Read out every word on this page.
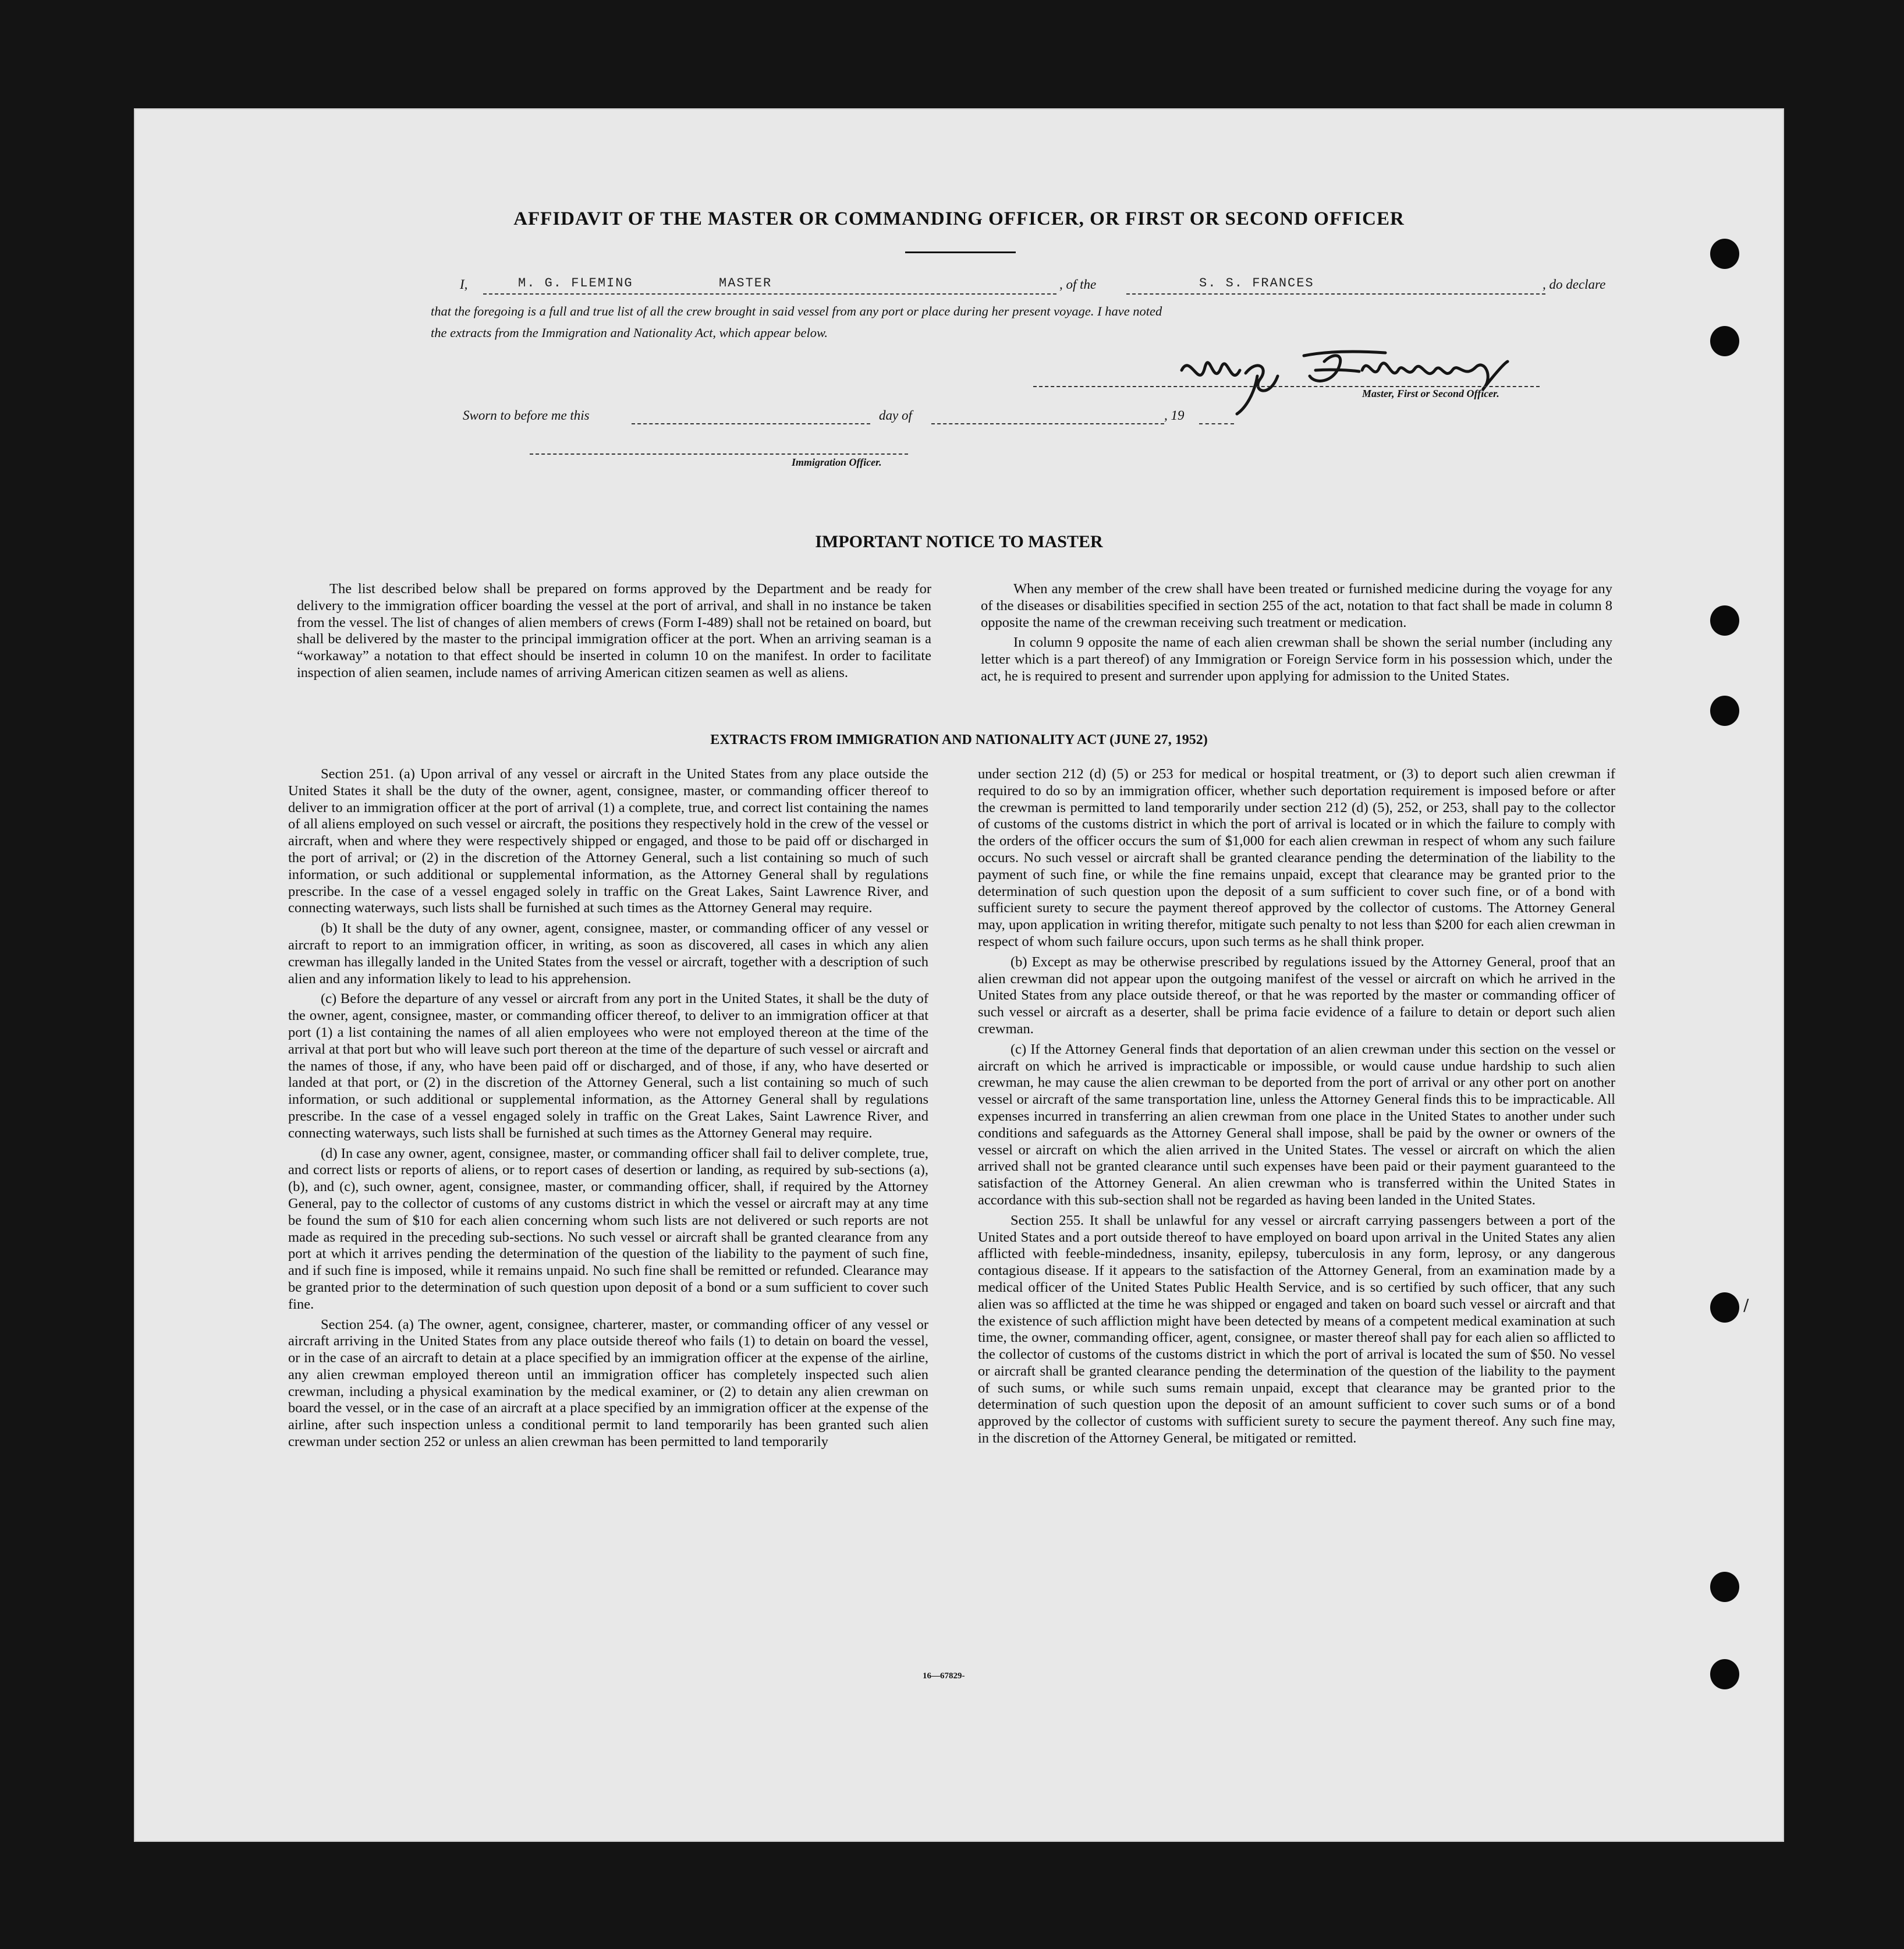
AFFIDAVIT OF THE MASTER OR COMMANDING OFFICER, OR FIRST OR SECOND OFFICER
I,	M. G. FLEMING	MASTER	, of the	S. S. FRANCES	, do declare
that the foregoing is a full and true list of all the crew brought in said vessel from any port or place during her present voyage. I have noted
the extracts from the Immigration and Nationality Act, which appear below.
Master, First or Second Officer.
Sworn to before me this	day of	, 19
Immigration Officer.
IMPORTANT NOTICE TO MASTER

The list described below shall be prepared on forms approved by the Department and be ready for delivery to the immigration officer boarding the vessel at the port of arrival, and shall in no instance be taken from the vessel. The list of changes of alien members of crews (Form I-489) shall not be retained on board, but shall be delivered by the master to the principal immigration officer at the port. When an arriving seaman is a “workaway” a notation to that effect should be inserted in column 10 on the manifest. In order to facilitate inspection of alien seamen, include names of arriving American citizen seamen as well as aliens.

When any member of the crew shall have been treated or furnished medicine during the voyage for any of the diseases or disabilities specified in section 255 of the act, notation to that fact shall be made in column 8 opposite the name of the crewman receiving such treatment or medication.

In column 9 opposite the name of each alien crewman shall be shown the serial number (including any letter which is a part thereof) of any Immigration or Foreign Service form in his possession which, under the act, he is required to present and surrender upon applying for admission to the United States.

EXTRACTS FROM IMMIGRATION AND NATIONALITY ACT (JUNE 27, 1952)

Section 251. (a) Upon arrival of any vessel or aircraft in the United States from any place outside the United States it shall be the duty of the owner, agent, consignee, master, or commanding officer thereof to deliver to an immigration officer at the port of arrival (1) a complete, true, and correct list containing the names of all aliens employed on such vessel or aircraft, the positions they respectively hold in the crew of the vessel or aircraft, when and where they were respectively shipped or engaged, and those to be paid off or discharged in the port of arrival; or (2) in the discretion of the Attorney General, such a list containing so much of such information, or such additional or supplemental information, as the Attorney General shall by regulations prescribe. In the case of a vessel engaged solely in traffic on the Great Lakes, Saint Lawrence River, and connecting waterways, such lists shall be furnished at such times as the Attorney General may require.

(b) It shall be the duty of any owner, agent, consignee, master, or commanding officer of any vessel or aircraft to report to an immigration officer, in writing, as soon as discovered, all cases in which any alien crewman has illegally landed in the United States from the vessel or aircraft, together with a description of such alien and any information likely to lead to his apprehension.

(c) Before the departure of any vessel or aircraft from any port in the United States, it shall be the duty of the owner, agent, consignee, master, or commanding officer thereof, to deliver to an immigration officer at that port (1) a list containing the names of all alien employees who were not employed thereon at the time of the arrival at that port but who will leave such port thereon at the time of the departure of such vessel or aircraft and the names of those, if any, who have been paid off or discharged, and of those, if any, who have deserted or landed at that port, or (2) in the discretion of the Attorney General, such a list containing so much of such information, or such additional or supplemental information, as the Attorney General shall by regulations prescribe. In the case of a vessel engaged solely in traffic on the Great Lakes, Saint Lawrence River, and connecting waterways, such lists shall be furnished at such times as the Attorney General may require.

(d) In case any owner, agent, consignee, master, or commanding officer shall fail to deliver complete, true, and correct lists or reports of aliens, or to report cases of desertion or landing, as required by sub-sections (a), (b), and (c), such owner, agent, consignee, master, or commanding officer, shall, if required by the Attorney General, pay to the collector of customs of any customs district in which the vessel or aircraft may at any time be found the sum of $10 for each alien concerning whom such lists are not delivered or such reports are not made as required in the preceding sub-sections. No such vessel or aircraft shall be granted clearance from any port at which it arrives pending the determination of the question of the liability to the payment of such fine, and if such fine is imposed, while it remains unpaid. No such fine shall be remitted or refunded. Clearance may be granted prior to the determination of such question upon deposit of a bond or a sum sufficient to cover such fine.

Section 254. (a) The owner, agent, consignee, charterer, master, or commanding officer of any vessel or aircraft arriving in the United States from any place outside thereof who fails (1) to detain on board the vessel, or in the case of an aircraft to detain at a place specified by an immigration officer at the expense of the airline, any alien crewman employed thereon until an immigration officer has completely inspected such alien crewman, including a physical examination by the medical examiner, or (2) to detain any alien crewman on board the vessel, or in the case of an aircraft at a place specified by an immigration officer at the expense of the airline, after such inspection unless a conditional permit to land temporarily has been granted such alien crewman under section 252 or unless an alien crewman has been permitted to land temporarily

under section 212 (d) (5) or 253 for medical or hospital treatment, or (3) to deport such alien crewman if required to do so by an immigration officer, whether such deportation requirement is imposed before or after the crewman is permitted to land temporarily under section 212 (d) (5), 252, or 253, shall pay to the collector of customs of the customs district in which the port of arrival is located or in which the failure to comply with the orders of the officer occurs the sum of $1,000 for each alien crewman in respect of whom any such failure occurs. No such vessel or aircraft shall be granted clearance pending the determination of the liability to the payment of such fine, or while the fine remains unpaid, except that clearance may be granted prior to the determination of such question upon the deposit of a sum sufficient to cover such fine, or of a bond with sufficient surety to secure the payment thereof approved by the collector of customs. The Attorney General may, upon application in writing therefor, mitigate such penalty to not less than $200 for each alien crewman in respect of whom such failure occurs, upon such terms as he shall think proper.

(b) Except as may be otherwise prescribed by regulations issued by the Attorney General, proof that an alien crewman did not appear upon the outgoing manifest of the vessel or aircraft on which he arrived in the United States from any place outside thereof, or that he was reported by the master or commanding officer of such vessel or aircraft as a deserter, shall be prima facie evidence of a failure to detain or deport such alien crewman.

(c) If the Attorney General finds that deportation of an alien crewman under this section on the vessel or aircraft on which he arrived is impracticable or impossible, or would cause undue hardship to such alien crewman, he may cause the alien crewman to be deported from the port of arrival or any other port on another vessel or aircraft of the same transportation line, unless the Attorney General finds this to be impracticable. All expenses incurred in transferring an alien crewman from one place in the United States to another under such conditions and safeguards as the Attorney General shall impose, shall be paid by the owner or owners of the vessel or aircraft on which the alien arrived in the United States. The vessel or aircraft on which the alien arrived shall not be granted clearance until such expenses have been paid or their payment guaranteed to the satisfaction of the Attorney General. An alien crewman who is transferred within the United States in accordance with this sub-section shall not be regarded as having been landed in the United States.

Section 255. It shall be unlawful for any vessel or aircraft carrying passengers between a port of the United States and a port outside thereof to have employed on board upon arrival in the United States any alien afflicted with feeble-mindedness, insanity, epilepsy, tuberculosis in any form, leprosy, or any dangerous contagious disease. If it appears to the satisfaction of the Attorney General, from an examination made by a medical officer of the United States Public Health Service, and is so certified by such officer, that any such alien was so afflicted at the time he was shipped or engaged and taken on board such vessel or aircraft and that the existence of such affliction might have been detected by means of a competent medical examination at such time, the owner, commanding officer, agent, consignee, or master thereof shall pay for each alien so afflicted to the collector of customs of the customs district in which the port of arrival is located the sum of $50. No vessel or aircraft shall be granted clearance pending the determination of the question of the liability to the payment of such sums, or while such sums remain unpaid, except that clearance may be granted prior to the determination of such question upon the deposit of an amount sufficient to cover such sums or of a bond approved by the collector of customs with sufficient surety to secure the payment thereof. Any such fine may, in the discretion of the Attorney General, be mitigated or remitted.

16—67829-
/
